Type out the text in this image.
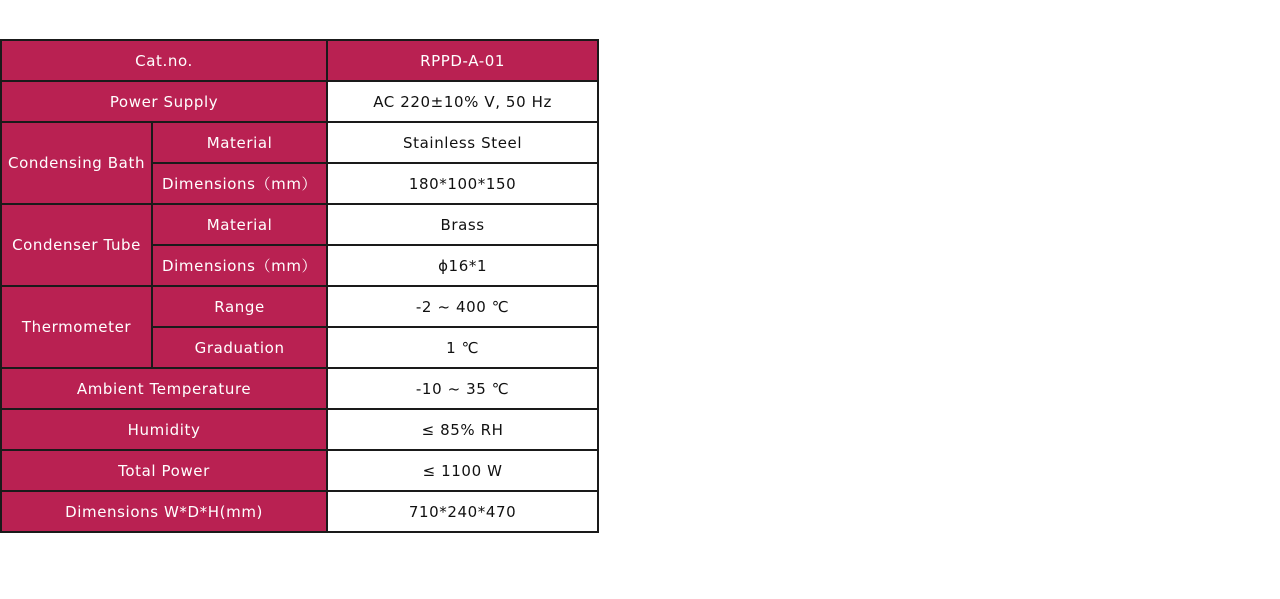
Cat.no.		RPPD-A-01
Power Supply		AC 220±10% V, 50 Hz
Condensing Bath	Material	Stainless Steel
	Dimensions（mm）	180*100*150
Condenser Tube	Material	Brass
	Dimensions（mm）	ϕ16*1
Thermometer	Range	-2 ~ 400 ℃
	Graduation	1 ℃
Ambient Temperature		-10 ~ 35 ℃
Humidity		≤ 85% RH
Total Power		≤ 1100 W
Dimensions W*D*H(mm)		710*240*470
